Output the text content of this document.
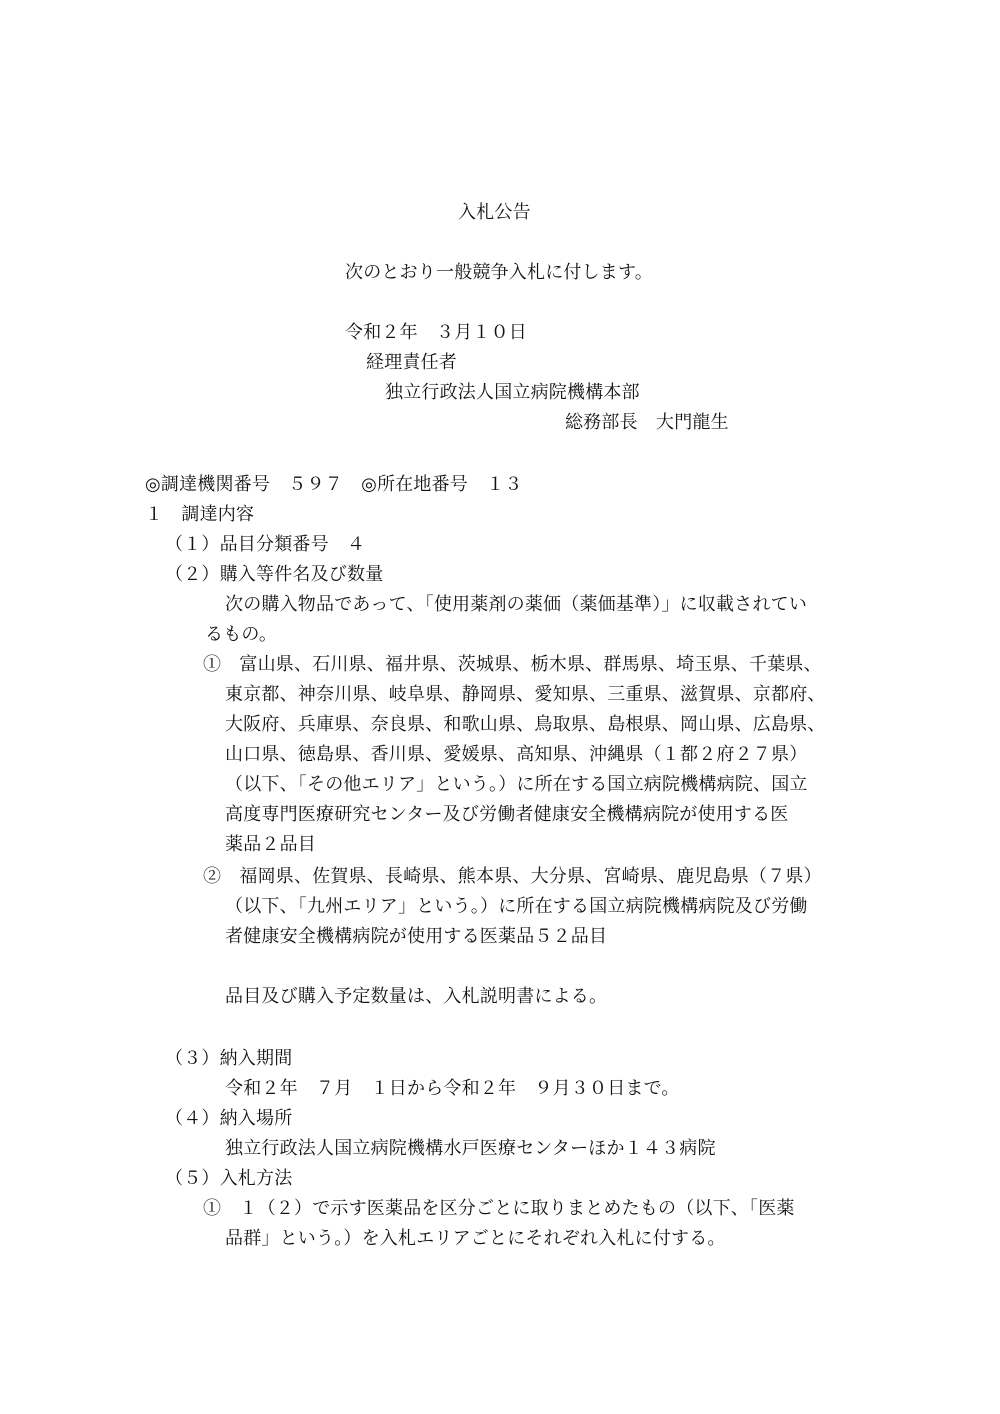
入札公告
次のとおり一般競争入札に付します。
令和２年　３月１０日
経理責任者
独立行政法人国立病院機構本部
総務部長　大門龍生
◎調達機関番号　５９７　◎所在地番号　１３
１　調達内容
（１）品目分類番号　４
（２）購入等件名及び数量
次の購入物品であって、「使用薬剤の薬価（薬価基準）」に収載されてい
るもの。
①　富山県、石川県、福井県、茨城県、栃木県、群馬県、埼玉県、千葉県、
東京都、神奈川県、岐阜県、静岡県、愛知県、三重県、滋賀県、京都府、
大阪府、兵庫県、奈良県、和歌山県、鳥取県、島根県、岡山県、広島県、
山口県、徳島県、香川県、愛媛県、高知県、沖縄県（１都２府２７県）
（以下、「その他エリア」という。）に所在する国立病院機構病院、国立
高度専門医療研究センター及び労働者健康安全機構病院が使用する医
薬品２品目
②　福岡県、佐賀県、長崎県、熊本県、大分県、宮崎県、鹿児島県（７県）
（以下、「九州エリア」という。）に所在する国立病院機構病院及び労働
者健康安全機構病院が使用する医薬品５２品目
品目及び購入予定数量は、入札説明書による。
（３）納入期間
令和２年　７月　１日から令和２年　９月３０日まで。
（４）納入場所
独立行政法人国立病院機構水戸医療センターほか１４３病院
（５）入札方法
①　１（２）で示す医薬品を区分ごとに取りまとめたもの（以下、「医薬
品群」という。）を入札エリアごとにそれぞれ入札に付する。
